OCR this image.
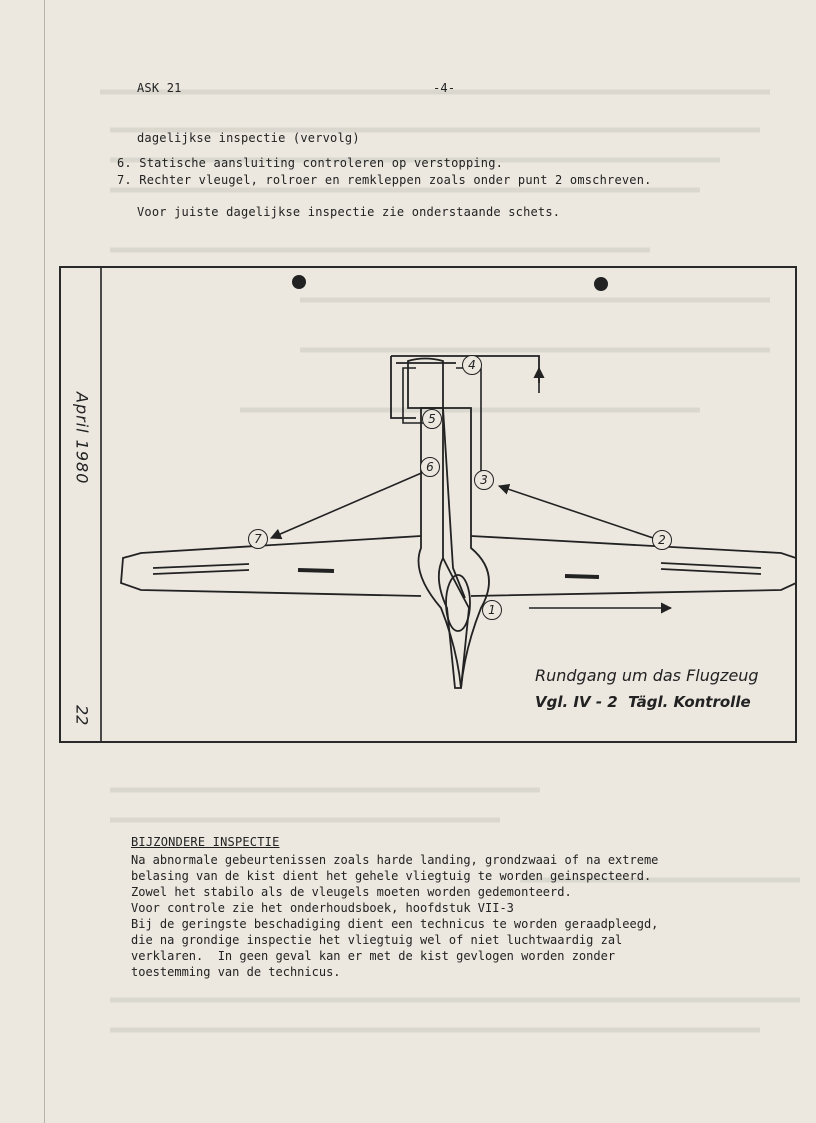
ASK 21	-4-
dagelijkse inspectie (vervolg)
6. Statische aansluiting controleren op verstopping.
7. Rechter vleugel, rolroer en remkleppen zoals onder punt 2 omschreven.
Voor juiste dagelijkse inspectie zie onderstaande schets.
April 1980
22
1
2
3
4
5
6
7
Rundgang um das Flugzeug
Vgl. IV - 2  Tägl. Kontrolle
BIJZONDERE INSPECTIE

Na abnormale gebeurtenissen zoals harde landing, grondzwaai of na extreme
belasing van de kist dient het gehele vliegtuig te worden geinspecteerd.
Zowel het stabilo als de vleugels moeten worden gedemonteerd.
Voor controle zie het onderhoudsboek, hoofdstuk VII-3
Bij de geringste beschadiging dient een technicus te worden geraadpleegd,
die na grondige inspectie het vliegtuig wel of niet luchtwaardig zal
verklaren.  In geen geval kan er met de kist gevlogen worden zonder
toestemming van de technicus.
